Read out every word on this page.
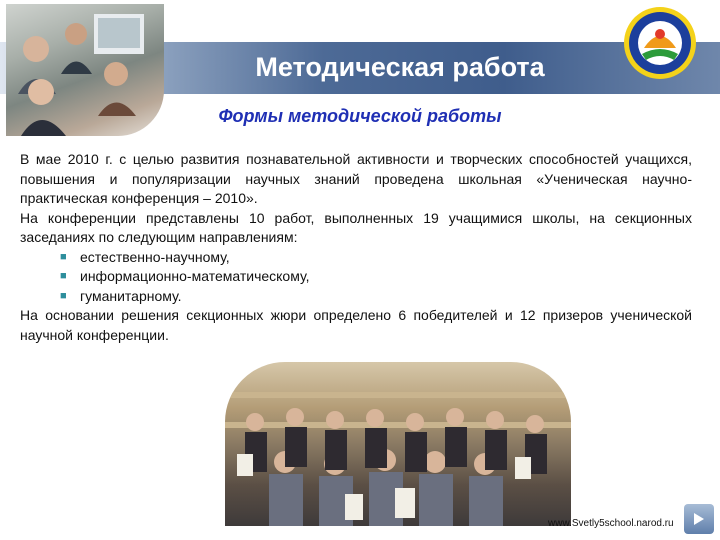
Методическая работа
Формы методической работы

В мае 2010 г. с целью развития познавательной активности и творческих способностей учащихся, повышения и популяризации научных знаний проведена школьная «Ученическая научно-практическая конференция – 2010».

На конференции представлены 10 работ, выполненных 19 учащимися школы, на секционных заседаниях по следующим направлениям:

■ естественно-научному,
■ информационно-математическому,
■ гуманитарному.

На основании решения секционных жюри определено 6 победителей и 12 призеров ученической научной конференции.

www.Svetly5school.narod.ru
